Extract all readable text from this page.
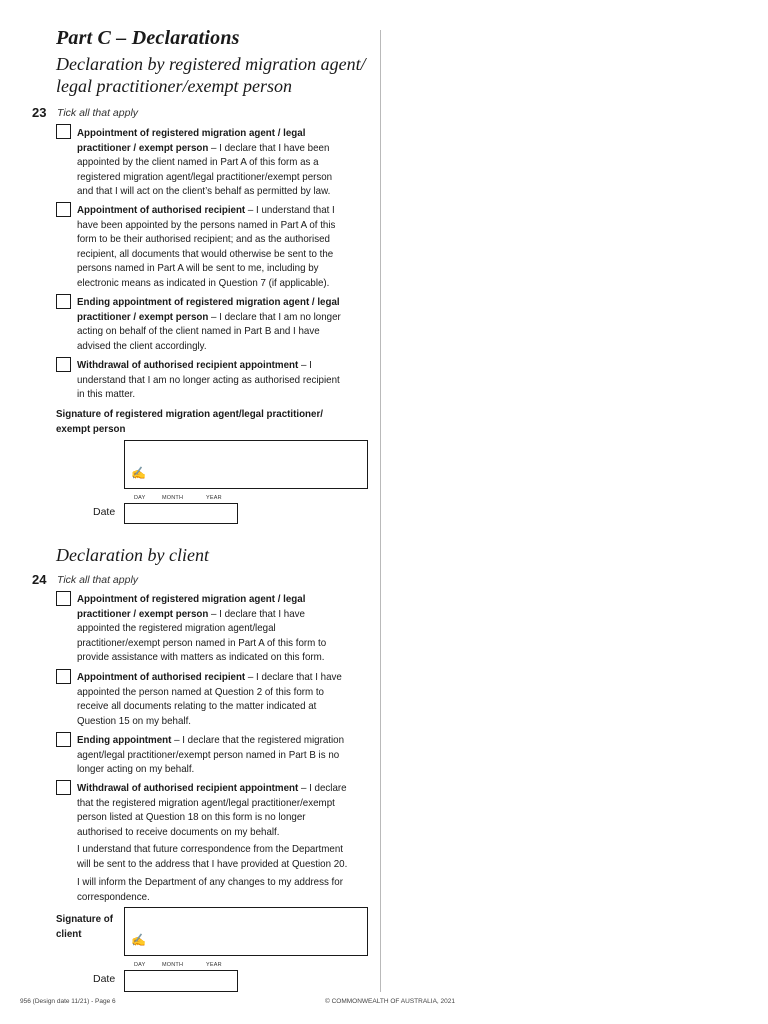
Part C – Declarations
Declaration by registered migration agent/
legal practitioner/exempt person
23 Tick all that apply
Appointment of registered migration agent / legal practitioner / exempt person – I declare that I have been appointed by the client named in Part A of this form as a registered migration agent/legal practitioner/exempt person and that I will act on the client’s behalf as permitted by law.
Appointment of authorised recipient – I understand that I have been appointed by the persons named in Part A of this form to be their authorised recipient; and as the authorised recipient, all documents that would otherwise be sent to the persons named in Part A will be sent to me, including by electronic means as indicated in Question 7 (if applicable).
Ending appointment of registered migration agent / legal practitioner / exempt person – I declare that I am no longer acting on behalf of the client named in Part B and I have advised the client accordingly.
Withdrawal of authorised recipient appointment – I understand that I am no longer acting as authorised recipient in this matter.
Signature of registered migration agent/legal practitioner/ exempt person
✍
DAY	MONTH	YEAR
Date
Declaration by client
24 Tick all that apply
Appointment of registered migration agent / legal practitioner / exempt person – I declare that I have appointed the registered migration agent/legal practitioner/exempt person named in Part A of this form to provide assistance with matters as indicated on this form.
Appointment of authorised recipient – I declare that I have appointed the person named at Question 2 of this form to receive all documents relating to the matter indicated at Question 15 on my behalf.
Ending appointment – I declare that the registered migration agent/legal practitioner/exempt person named in Part B is no longer acting on my behalf.
Withdrawal of authorised recipient appointment – I declare that the registered migration agent/legal practitioner/exempt person listed at Question 18 on this form is no longer authorised to receive documents on my behalf.
I understand that future correspondence from the Department will be sent to the address that I have provided at Question 20.
I will inform the Department of any changes to my address for correspondence.
Signature of client	✍
DAY	MONTH	YEAR
Date
956 (Design date 11/21) - Page 6	© COMMONWEALTH OF AUSTRALIA, 2021
